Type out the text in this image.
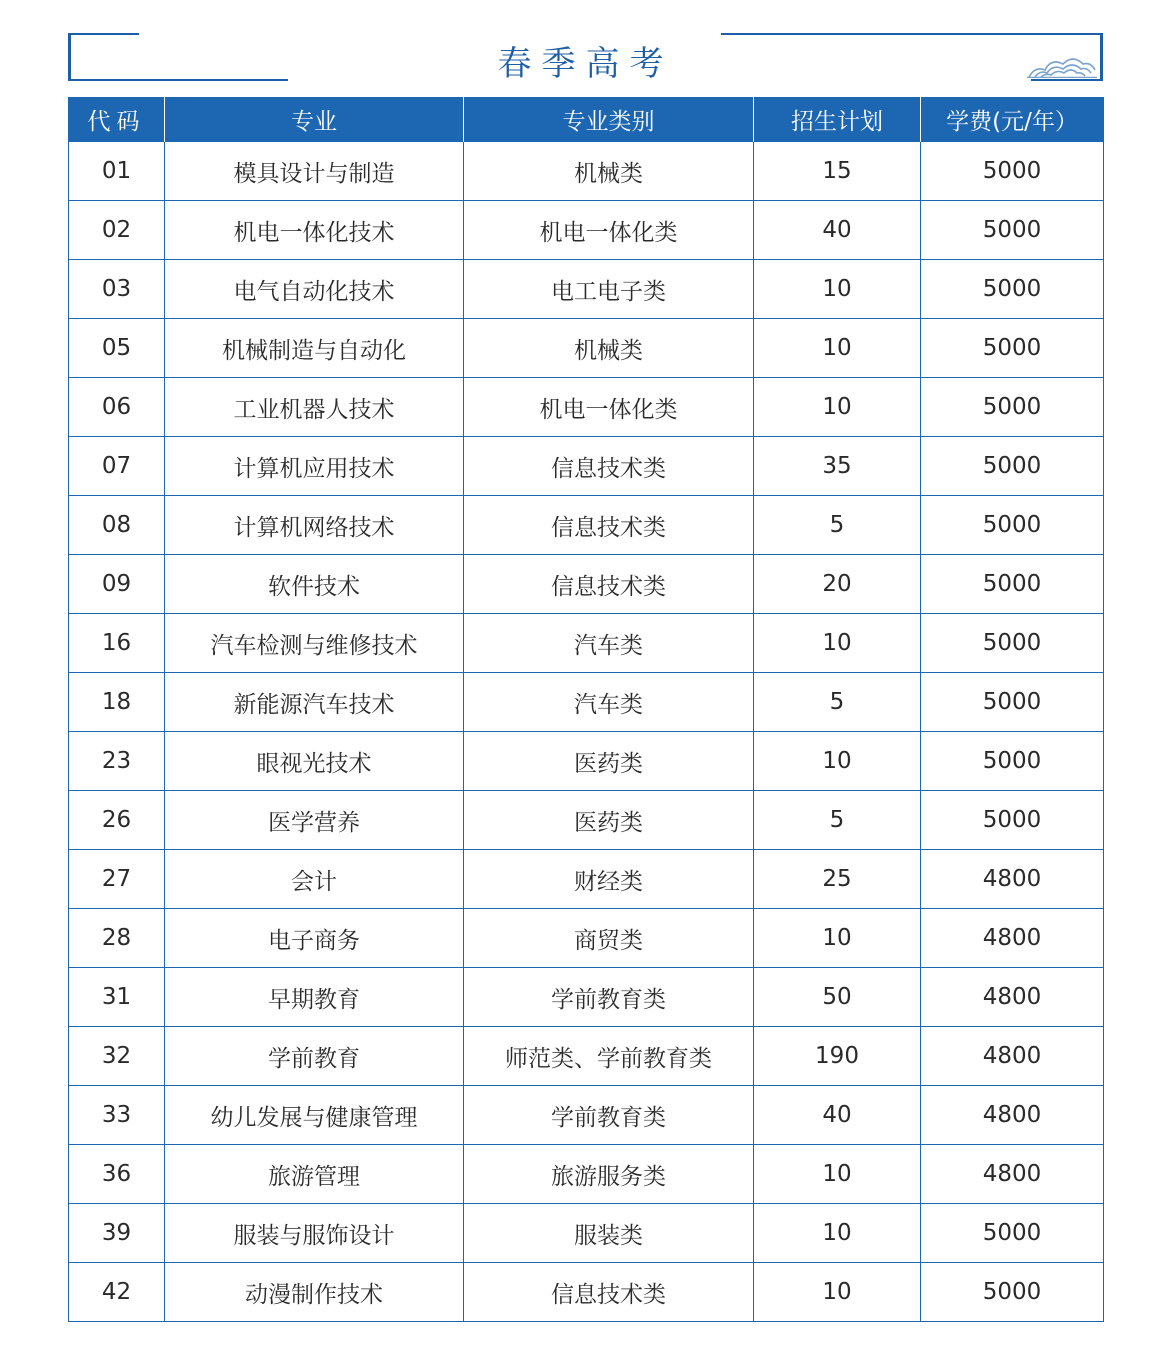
春季高考
代码	专业	专业类别	招生计划	学费(元/年）
01	模具设计与制造	机械类	15	5000
02	机电一体化技术	机电一体化类	40	5000
03	电气自动化技术	电工电子类	10	5000
05	机械制造与自动化	机械类	10	5000
06	工业机器人技术	机电一体化类	10	5000
07	计算机应用技术	信息技术类	35	5000
08	计算机网络技术	信息技术类	5	5000
09	软件技术	信息技术类	20	5000
16	汽车检测与维修技术	汽车类	10	5000
18	新能源汽车技术	汽车类	5	5000
23	眼视光技术	医药类	10	5000
26	医学营养	医药类	5	5000
27	会计	财经类	25	4800
28	电子商务	商贸类	10	4800
31	早期教育	学前教育类	50	4800
32	学前教育	师范类、学前教育类	190	4800
33	幼儿发展与健康管理	学前教育类	40	4800
36	旅游管理	旅游服务类	10	4800
39	服装与服饰设计	服装类	10	5000
42	动漫制作技术	信息技术类	10	5000
